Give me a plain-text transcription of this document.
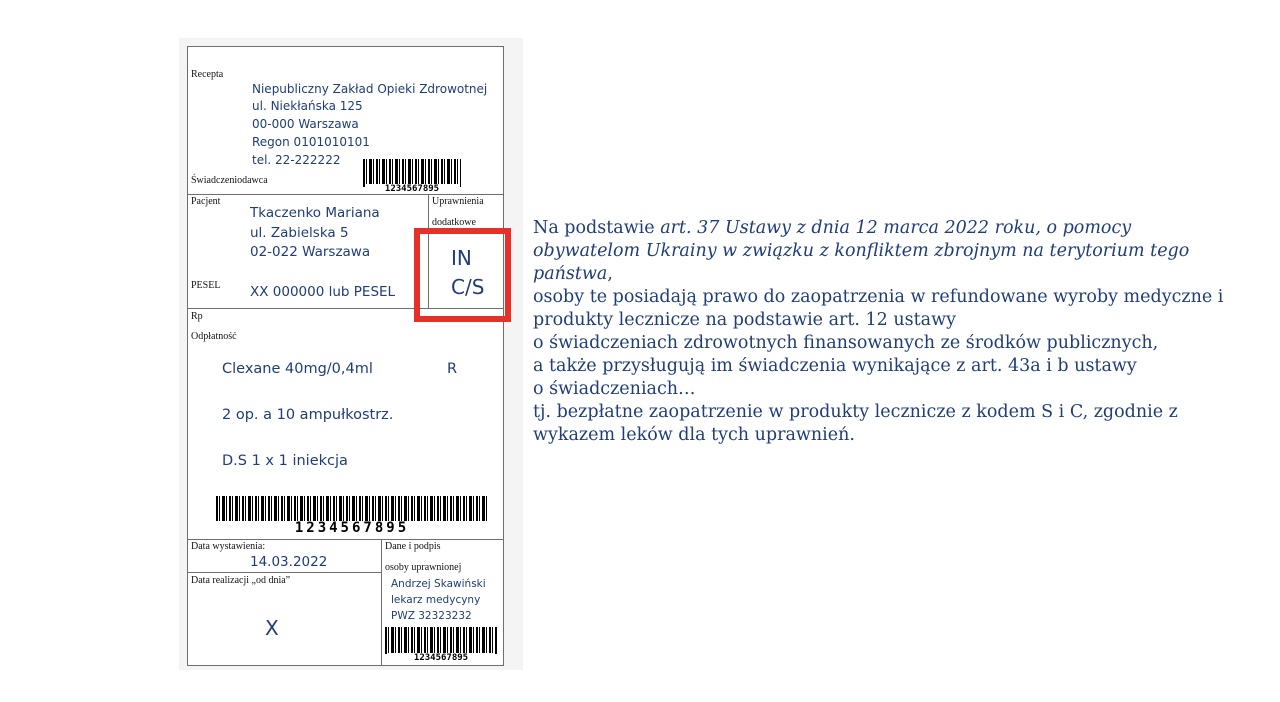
Recepta
Niepubliczny Zakład Opieki Zdrowotnej
ul. Niekłańska 125
00-000 Warszawa
Regon 0101010101
tel. 22-222222
Świadczeniodawca
1234567895
Pacjent	Uprawnienia
dodatkowe
Tkaczenko Mariana
ul. Zabielska 5
02-022 Warszawa
PESEL XX 000000 lub PESEL
IN
C/S
Rp
Odpłatność
Clexane 40mg/0,4ml	R
2 op. a 10 ampułkostrz.
D.S 1 x 1 iniekcja
1234567895
Data wystawienia:
14.03.2022
Data realizacji „od dnia”
X
Dane i podpis
osoby uprawnionej
Andrzej Skawiński
lekarz medycyny
PWZ 32323232
1234567895

Na podstawie art. 37 Ustawy z dnia 12 marca 2022 roku, o pomocy obywatelom Ukrainy w związku z konfliktem zbrojnym na terytorium tego państwa,

osoby te posiadają prawo do zaopatrzenia w refundowane wyroby medyczne i produkty lecznicze na podstawie art. 12 ustawy

o świadczeniach zdrowotnych finansowanych ze środków publicznych,

a także przysługują im świadczenia wynikające z art. 43a i b ustawy

o świadczeniach…

tj. bezpłatne zaopatrzenie w produkty lecznicze z kodem S i C, zgodnie z wykazem leków dla tych uprawnień.
